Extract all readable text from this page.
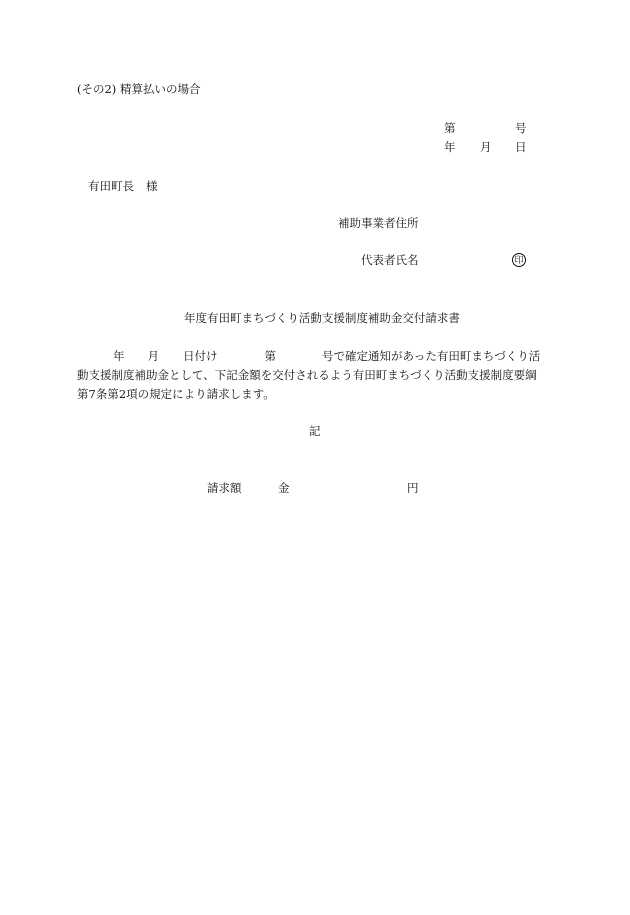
(その2) 精算払いの場合
第	号
年 月 日
有田町長 様
補助事業者住所
代表者氏名	印
年度有田町まちづくり活動支援制度補助金交付請求書
年 月 日付け	第	号で確定通知があった有田町まちづくり活
動支援制度補助金として、下記金額を交付されるよう有田町まちづくり活動支援制度要綱
第7条第2項の規定により請求します。
記
請求額	金	円
